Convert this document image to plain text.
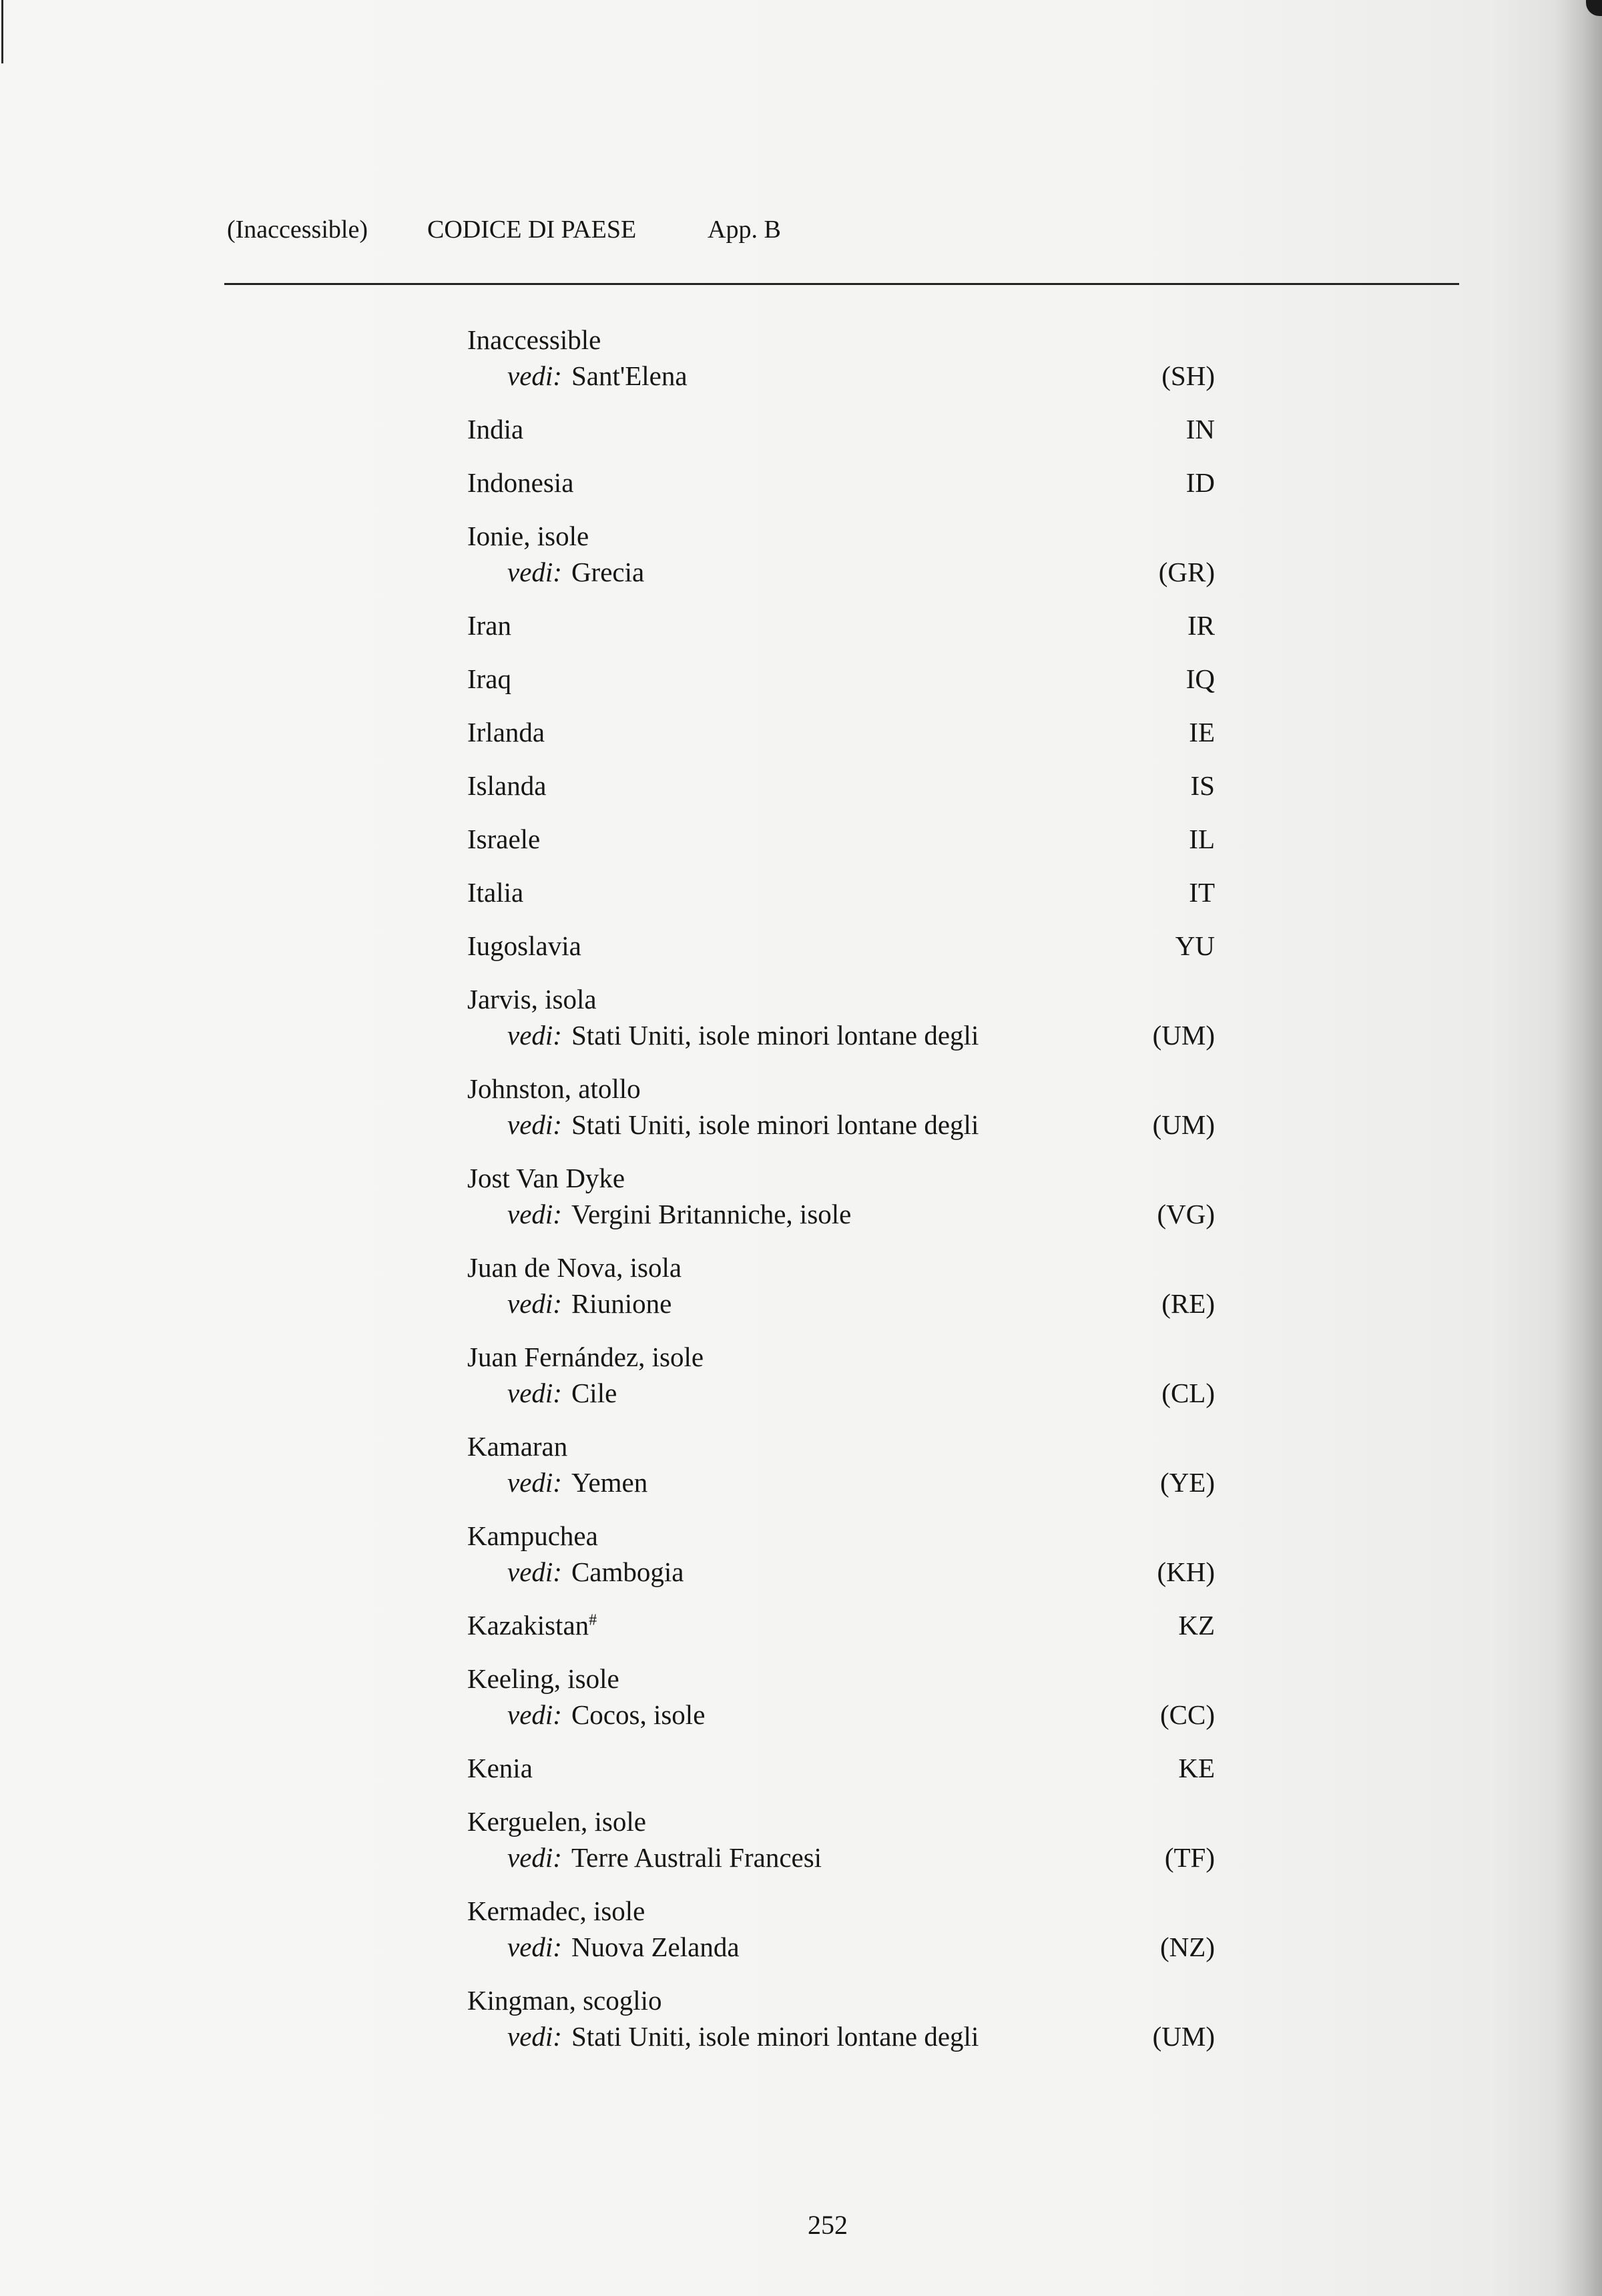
(Inaccessible) CODICE DI PAESE	App. B
Inaccessible
vedi: Sant'Elena	(SH)
India	IN
Indonesia	ID
Ionie, isole
vedi: Grecia	(GR)
Iran	IR
Iraq	IQ
Irlanda	IE
Islanda	IS
Israele	IL
Italia	IT
Iugoslavia	YU
Jarvis, isola
vedi: Stati Uniti, isole minori lontane degli	(UM)
Johnston, atollo
vedi: Stati Uniti, isole minori lontane degli	(UM)
Jost Van Dyke
vedi: Vergini Britanniche, isole	(VG)
Juan de Nova, isola
vedi: Riunione	(RE)
Juan Fernández, isole
vedi: Cile	(CL)
Kamaran
vedi: Yemen	(YE)
Kampuchea
vedi: Cambogia	(KH)
Kazakistan#	KZ
Keeling, isole
vedi: Cocos, isole	(CC)
Kenia	KE
Kerguelen, isole
vedi: Terre Australi Francesi	(TF)
Kermadec, isole
vedi: Nuova Zelanda	(NZ)
Kingman, scoglio
vedi: Stati Uniti, isole minori lontane degli	(UM)
252
